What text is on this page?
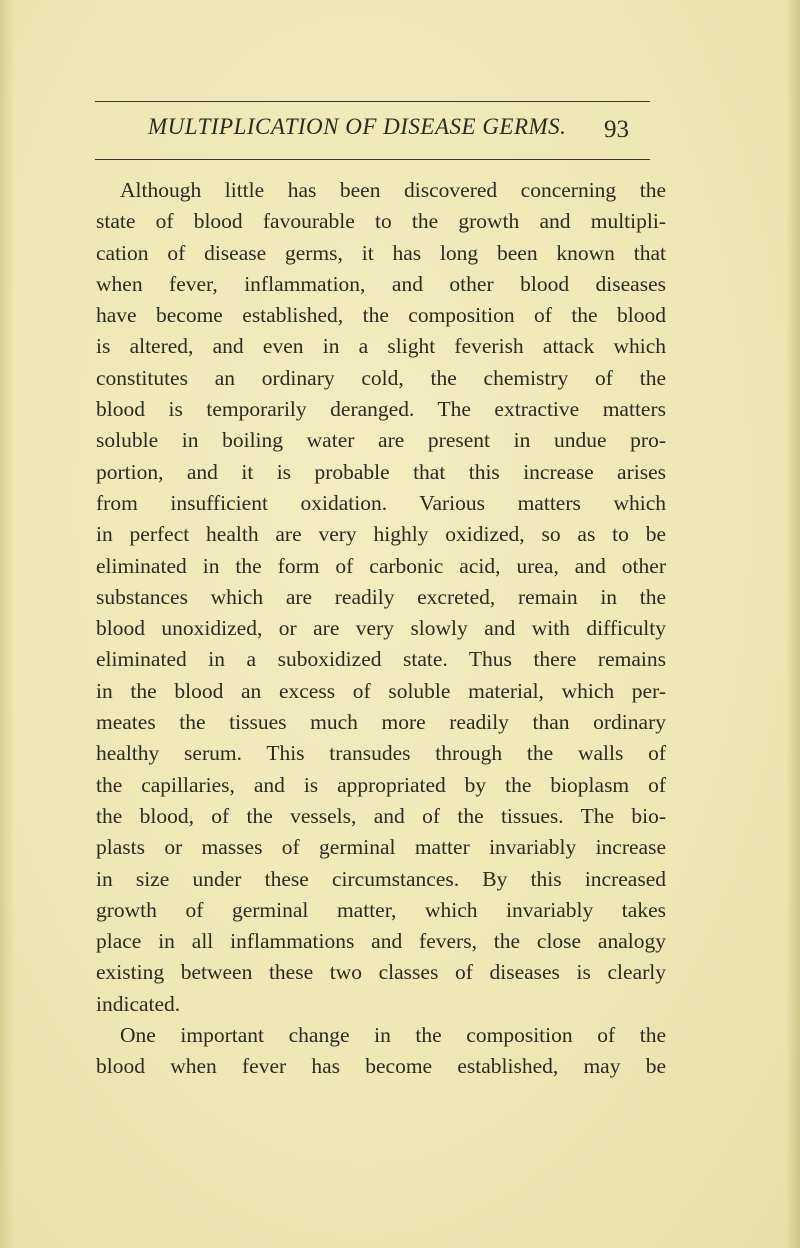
MULTIPLICATION OF DISEASE GERMS.	93
Although little has been discovered concerning the
state of blood favourable to the growth and multipli-
cation of disease germs, it has long been known that
when fever, inflammation, and other blood diseases
have become established, the composition of the blood
is altered, and even in a slight feverish attack which
constitutes an ordinary cold, the chemistry of the
blood is temporarily deranged. The extractive matters
soluble in boiling water are present in undue pro-
portion, and it is probable that this increase arises
from insufficient oxidation. Various matters which
in perfect health are very highly oxidized, so as to be
eliminated in the form of carbonic acid, urea, and other
substances which are readily excreted, remain in the
blood unoxidized, or are very slowly and with difficulty
eliminated in a suboxidized state. Thus there remains
in the blood an excess of soluble material, which per-
meates the tissues much more readily than ordinary
healthy serum. This transudes through the walls of
the capillaries, and is appropriated by the bioplasm of
the blood, of the vessels, and of the tissues. The bio-
plasts or masses of germinal matter invariably increase
in size under these circumstances. By this increased
growth of germinal matter, which invariably takes
place in all inflammations and fevers, the close analogy
existing between these two classes of diseases is clearly
indicated.
One important change in the composition of the
blood when fever has become established, may be
